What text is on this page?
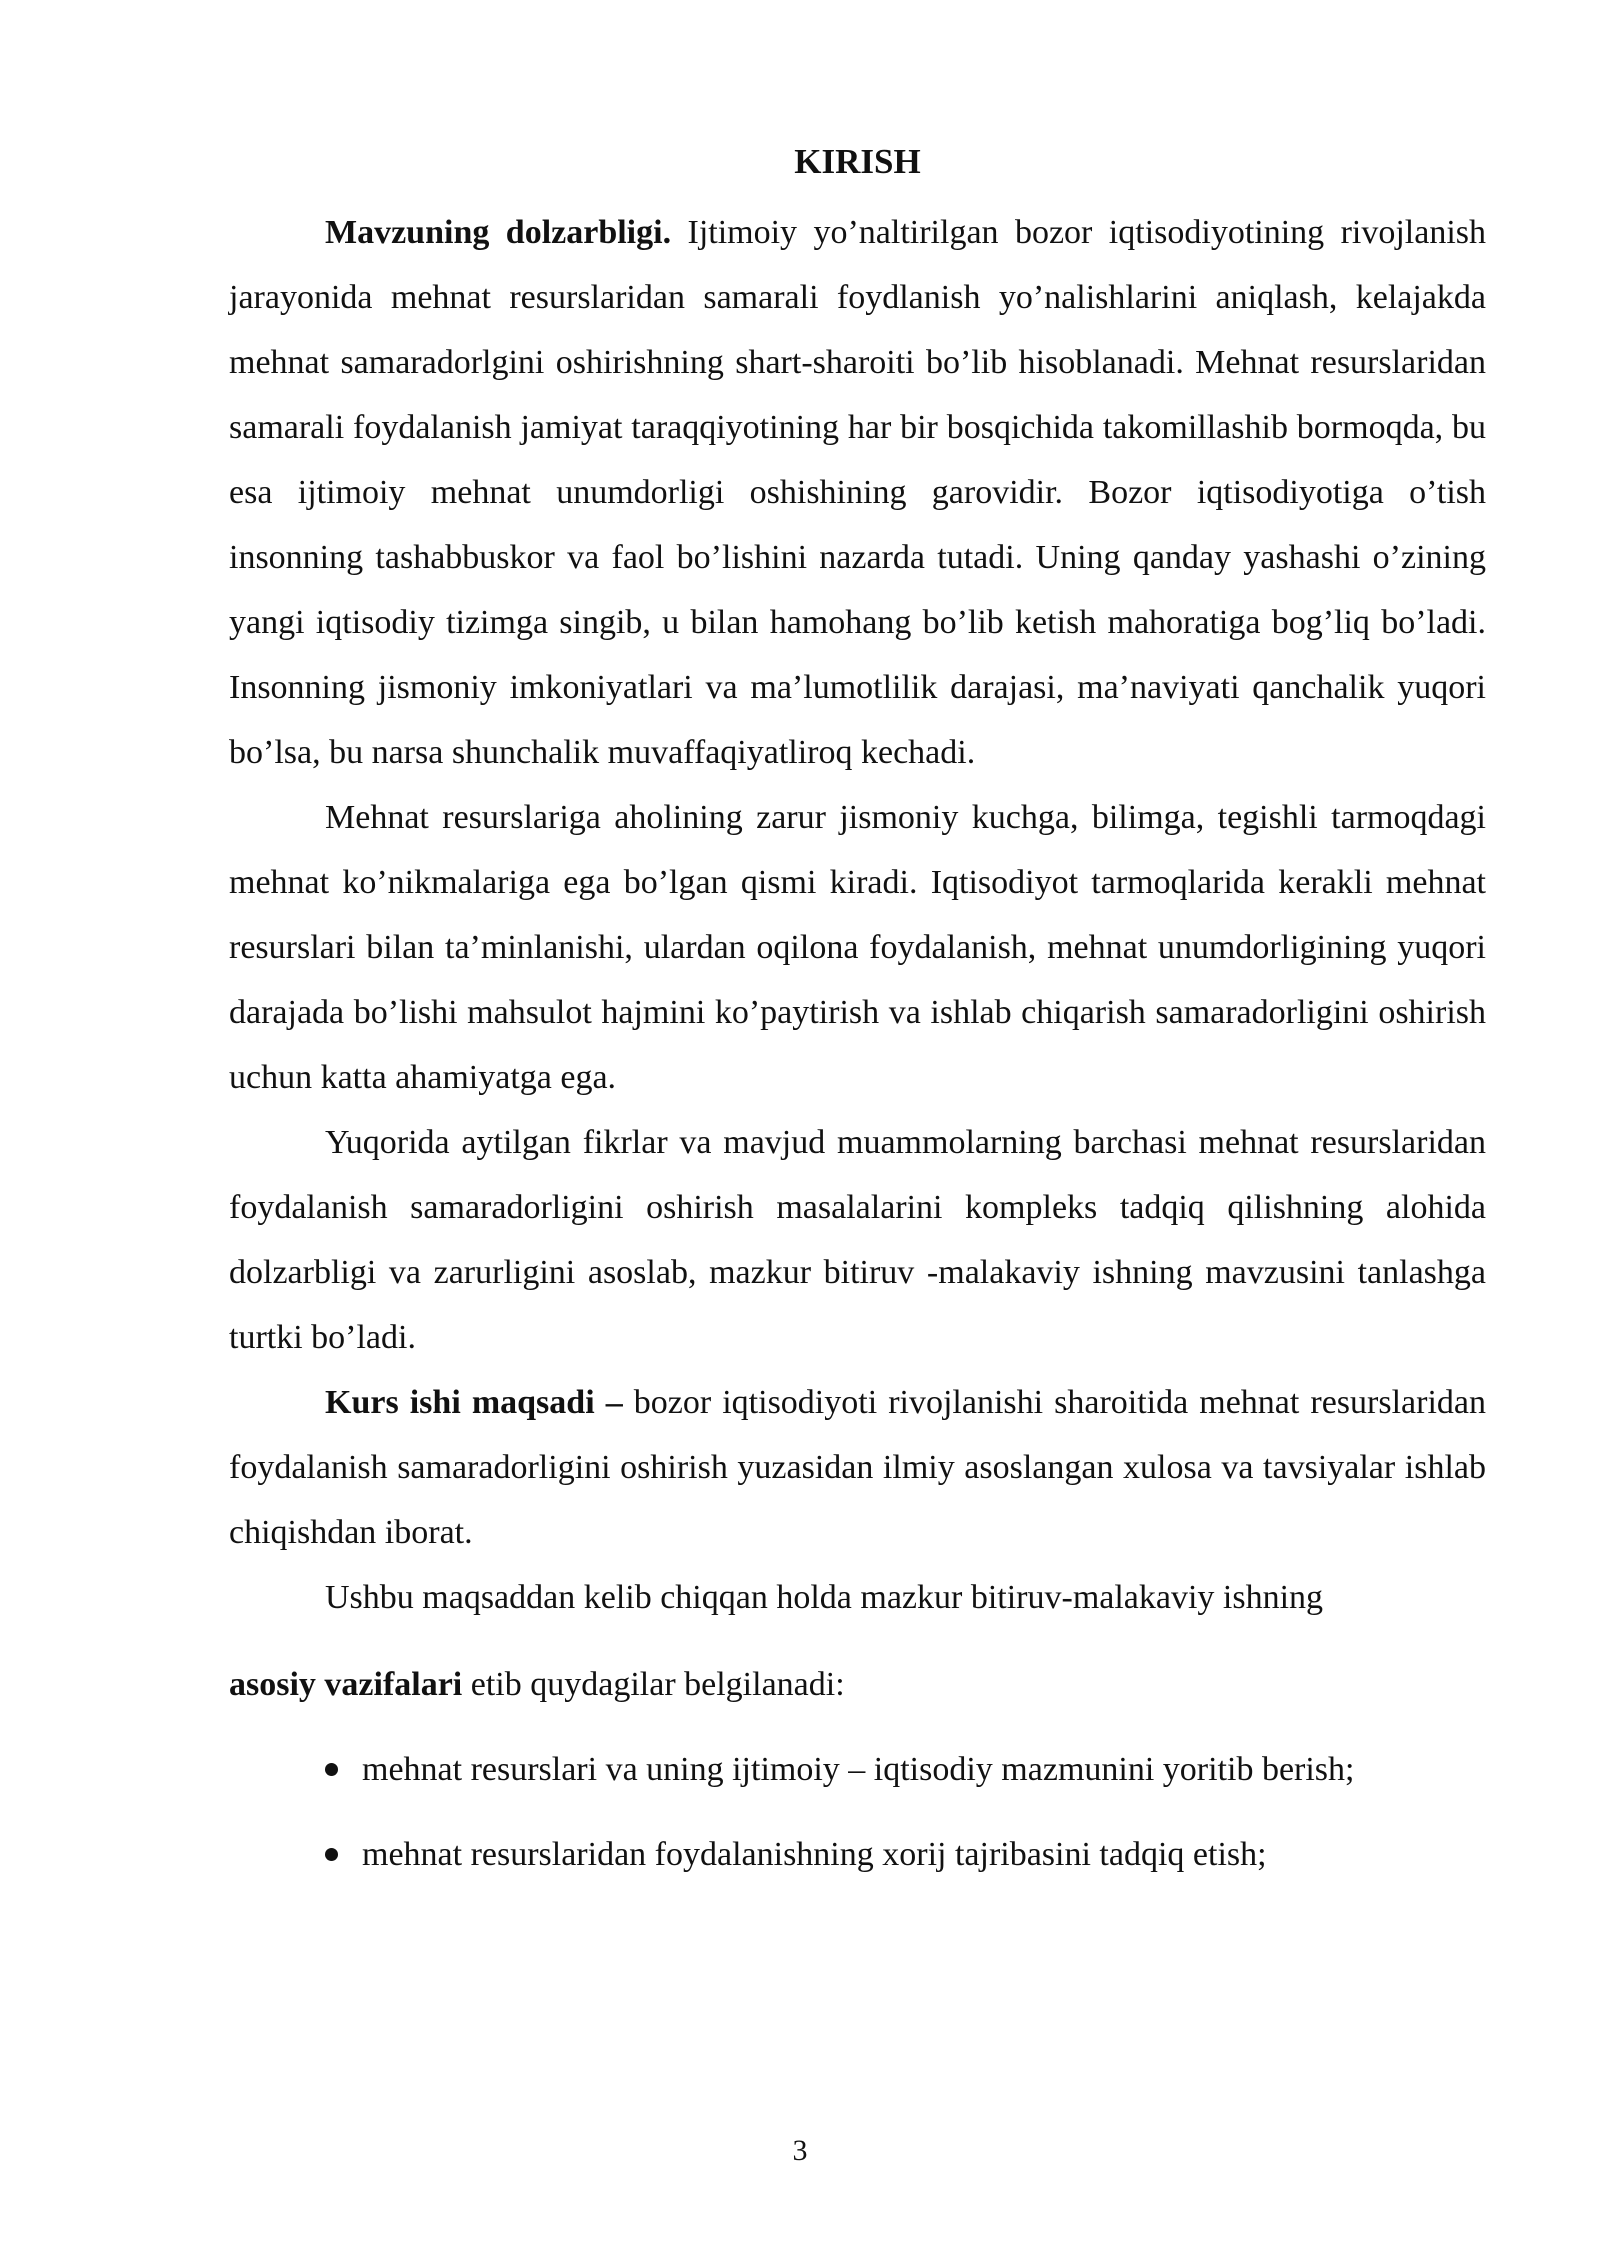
KIRISH

Mavzuning dolzarbligi. Ijtimoiy yo’naltirilgan bozor iqtisodiyotining rivojlanish jarayonida mehnat resurslaridan samarali foydlanish yo’nalishlarini aniqlash, kelajakda mehnat samaradorlgini oshirishning shart-sharoiti bo’lib hisoblanadi. Mehnat resurslaridan samarali foydalanish jamiyat taraqqiyotining har bir bosqichida takomillashib bormoqda, bu esa ijtimoiy mehnat unumdorligi oshishining garovidir. Bozor iqtisodiyotiga o’tish insonning tashabbuskor va faol bo’lishini nazarda tutadi. Uning qanday yashashi o’zining yangi iqtisodiy tizimga singib, u bilan hamohang bo’lib ketish mahoratiga bog’liq bo’ladi. Insonning jismoniy imkoniyatlari va ma’lumotlilik darajasi, ma’naviyati qanchalik yuqori bo’lsa, bu narsa shunchalik muvaffaqiyatliroq kechadi.

Mehnat resurslariga aholining zarur jismoniy kuchga, bilimga, tegishli tarmoqdagi mehnat ko’nikmalariga ega bo’lgan qismi kiradi. Iqtisodiyot tarmoqlarida kerakli mehnat resurslari bilan ta’minlanishi, ulardan oqilona foydalanish, mehnat unumdorligining yuqori darajada bo’lishi mahsulot hajmini ko’paytirish va ishlab chiqarish samaradorligini oshirish uchun katta ahamiyatga ega.

Yuqorida aytilgan fikrlar va mavjud muammolarning barchasi mehnat resurslaridan foydalanish samaradorligini oshirish masalalarini kompleks tadqiq qilishning alohida dolzarbligi va zarurligini asoslab, mazkur bitiruv -malakaviy ishning mavzusini tanlashga turtki bo’ladi.

Kurs ishi maqsadi – bozor iqtisodiyoti rivojlanishi sharoitida mehnat resurslaridan foydalanish samaradorligini oshirish yuzasidan ilmiy asoslangan xulosa va tavsiyalar ishlab chiqishdan iborat.

Ushbu maqsaddan kelib chiqqan holda mazkur bitiruv-malakaviy ishning

asosiy vazifalari etib quydagilar belgilanadi:

mehnat resurslari va uning ijtimoiy – iqtisodiy mazmunini yoritib berish;
mehnat resurslaridan foydalanishning xorij tajribasini tadqiq etish;
3
